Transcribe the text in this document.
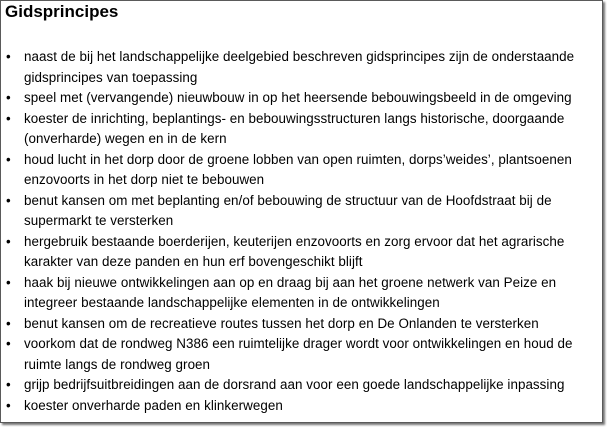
Gidsprincipes
• naast de bij het landschappelijke deelgebied beschreven gidsprincipes zijn de onderstaande
gidsprincipes van toepassing
• speel met (vervangende) nieuwbouw in op het heersende bebouwingsbeeld in de omgeving
• koester de inrichting, beplantings- en bebouwingsstructuren langs historische, doorgaande
(onverharde) wegen en in de kern
• houd lucht in het dorp door de groene lobben van open ruimten, dorps’weides’, plantsoenen
enzovoorts in het dorp niet te bebouwen
• benut kansen om met beplanting en/of bebouwing de structuur van de Hoofdstraat bij de
supermarkt te versterken
• hergebruik bestaande boerderijen, keuterijen enzovoorts en zorg ervoor dat het agrarische
karakter van deze panden en hun erf bovengeschikt blijft
• haak bij nieuwe ontwikkelingen aan op en draag bij aan het groene netwerk van Peize en
integreer bestaande landschappelijke elementen in de ontwikkelingen
• benut kansen om de recreatieve routes tussen het dorp en De Onlanden te versterken
• voorkom dat de rondweg N386 een ruimtelijke drager wordt voor ontwikkelingen en houd de
ruimte langs de rondweg groen
• grijp bedrijfsuitbreidingen aan de dorsrand aan voor een goede landschappelijke inpassing
• koester onverharde paden en klinkerwegen
